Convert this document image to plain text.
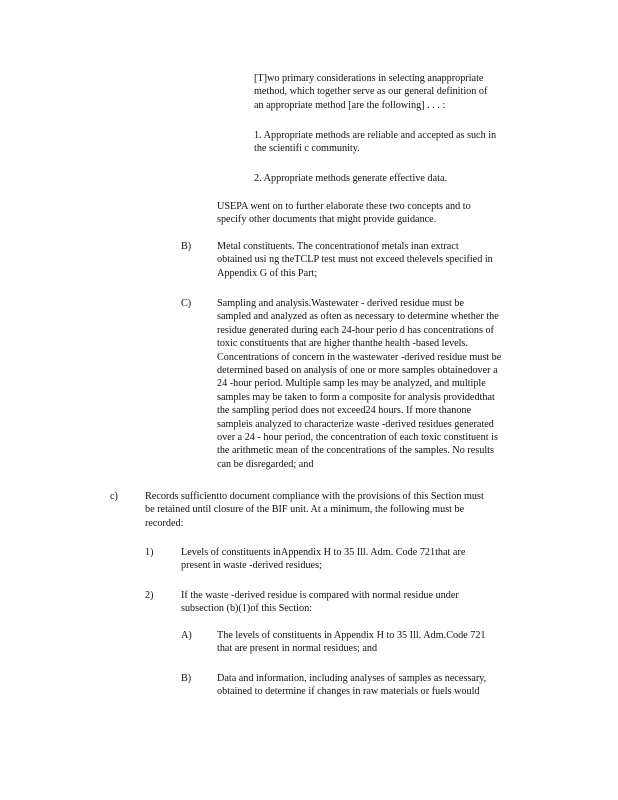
[T]wo primary considerations in selecting anappropriate
method, which together serve as our general definition of
an appropriate method [are the following] . . . :
1. Appropriate methods are reliable and accepted as such in
the scientifi c community.
2. Appropriate methods generate effective data.
USEPA went on to further elaborate these two concepts and to
specify other documents that might provide guidance.
B)	Metal constituents. The concentrationof metals inan extract
obtained usi ng theTCLP test must not exceed thelevels specified in
Appendix G of this Part;
C)	Sampling and analysis.Wastewater - derived residue must be
sampled and analyzed as often as necessary to determine whether the
residue generated during each 24-hour perio d has concentrations of
toxic constituents that are higher thanthe health -based levels.
Concentrations of concern in the wastewater -derived residue must be
determined based on analysis of one or more samples obtainedover a
24 -hour period. Multiple samp les may be analyzed, and multiple
samples may be taken to form a composite for analysis providedthat
the sampling period does not exceed24 hours. If more thanone
sampleis analyzed to characterize waste -derived residues generated
over a 24 - hour period, the concentration of each toxic constituent is
the arithmetic mean of the concentrations of the samples. No results
can be disregarded; and
c)	Records sufficientto document compliance with the provisions of this Section must
be retained until closure of the BIF unit. At a minimum, the following must be
recorded:
1)	Levels of constituents inAppendix H to 35 Ill. Adm. Code 721that are
present in waste -derived residues;
2)	If the waste -derived residue is compared with normal residue under
subsection (b)(1)of this Section:
A) The levels of constituents in Appendix H to 35 Ill. Adm.Code 721
that are present in normal residues; and
B)	Data and information, including analyses of samples as necessary,
obtained to determine if changes in raw materials or fuels would
